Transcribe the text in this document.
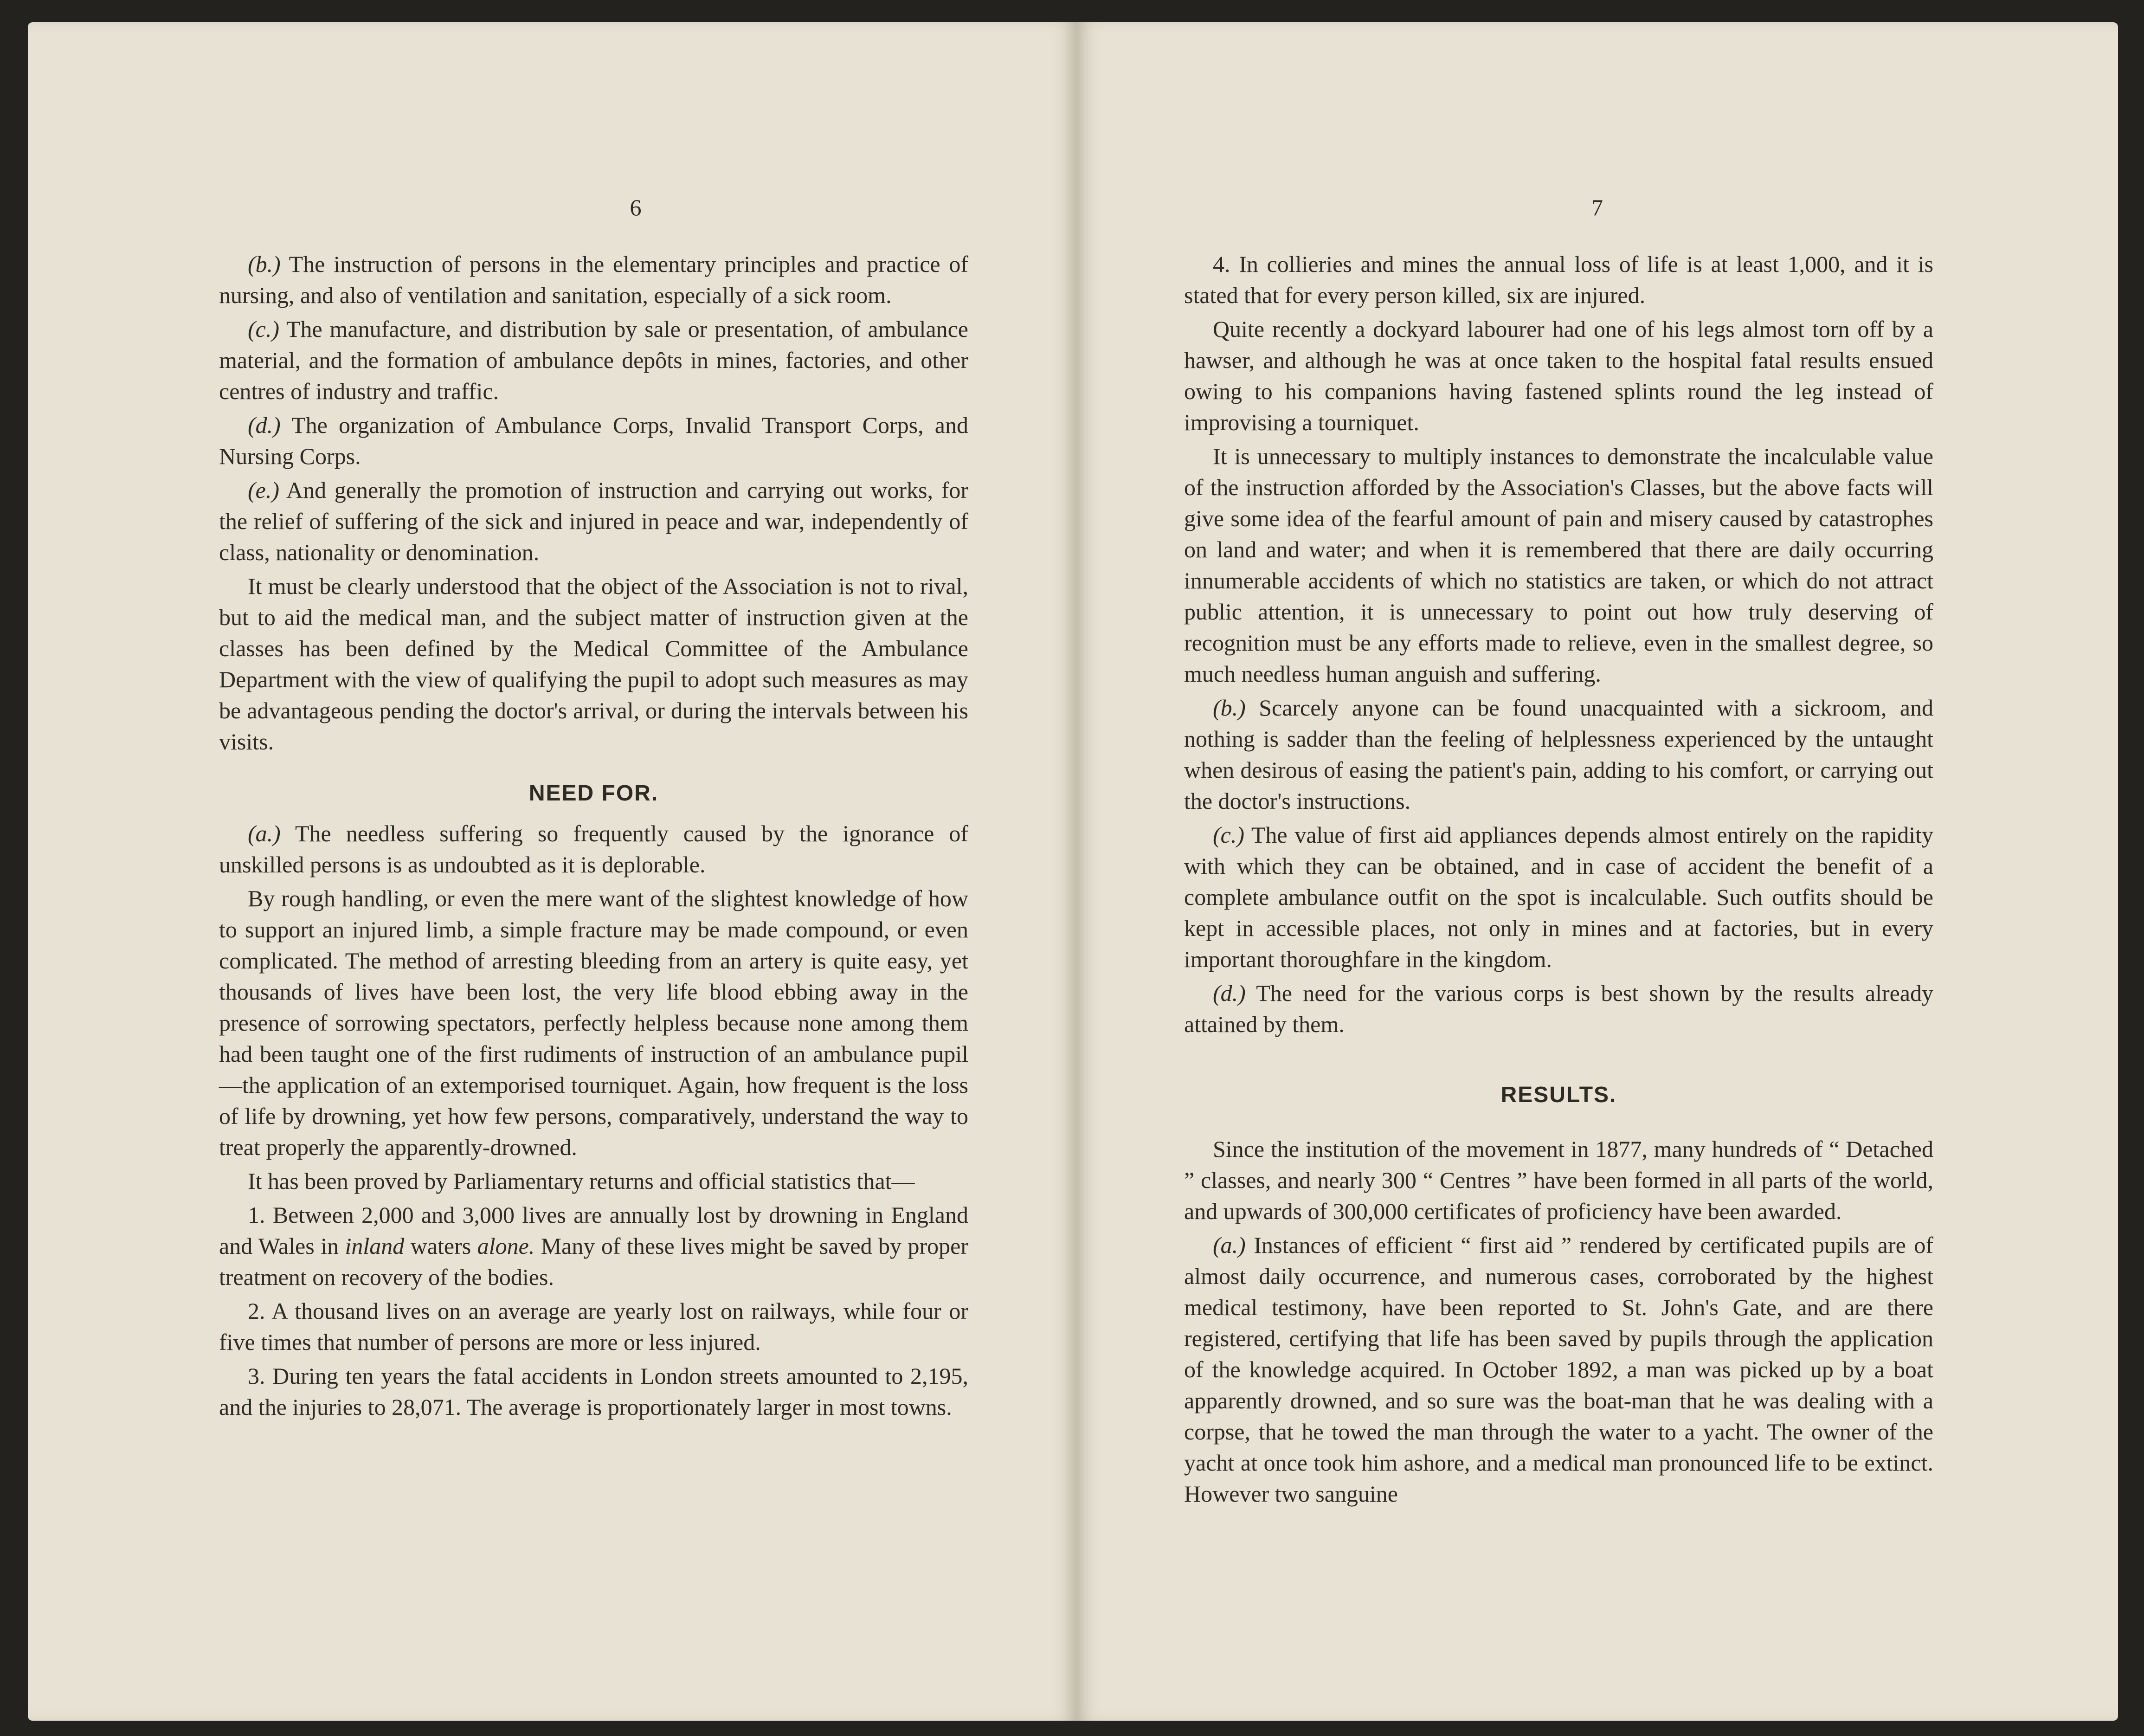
6

(b.) The instruction of persons in the elementary principles and practice of nursing, and also of ventilation and sanitation, especially of a sick room.

(c.) The manufacture, and distribution by sale or presentation, of ambulance material, and the formation of ambulance depôts in mines, factories, and other centres of industry and traffic.

(d.) The organization of Ambulance Corps, Invalid Transport Corps, and Nursing Corps.

(e.) And generally the promotion of instruction and carrying out works, for the relief of suffering of the sick and injured in peace and war, independently of class, nationality or denomination.

It must be clearly understood that the object of the Association is not to rival, but to aid the medical man, and the subject matter of instruction given at the classes has been defined by the Medical Committee of the Ambulance Department with the view of qualifying the pupil to adopt such measures as may be advantageous pending the doctor's arrival, or during the intervals between his visits.

NEED FOR.

(a.) The needless suffering so frequently caused by the ignorance of unskilled persons is as undoubted as it is deplorable.

By rough handling, or even the mere want of the slightest knowledge of how to support an injured limb, a simple fracture may be made compound, or even complicated. The method of arresting bleeding from an artery is quite easy, yet thousands of lives have been lost, the very life blood ebbing away in the presence of sorrowing spectators, perfectly helpless because none among them had been taught one of the first rudiments of instruction of an ambulance pupil—the application of an extemporised tourniquet. Again, how frequent is the loss of life by drowning, yet how few persons, comparatively, understand the way to treat properly the apparently-drowned.

It has been proved by Parliamentary returns and official statistics that—

1. Between 2,000 and 3,000 lives are annually lost by drowning in England and Wales in inland waters alone. Many of these lives might be saved by proper treatment on recovery of the bodies.

2. A thousand lives on an average are yearly lost on railways, while four or five times that number of persons are more or less injured.

3. During ten years the fatal accidents in London streets amounted to 2,195, and the injuries to 28,071. The average is proportionately larger in most towns.

7

4. In collieries and mines the annual loss of life is at least 1,000, and it is stated that for every person killed, six are injured.

Quite recently a dockyard labourer had one of his legs almost torn off by a hawser, and although he was at once taken to the hospital fatal results ensued owing to his companions having fastened splints round the leg instead of improvising a tourniquet.

It is unnecessary to multiply instances to demonstrate the incalculable value of the instruction afforded by the Association's Classes, but the above facts will give some idea of the fearful amount of pain and misery caused by catastrophes on land and water; and when it is remembered that there are daily occurring innumerable accidents of which no statistics are taken, or which do not attract public attention, it is unnecessary to point out how truly deserving of recognition must be any efforts made to relieve, even in the smallest degree, so much needless human anguish and suffering.

(b.) Scarcely anyone can be found unacquainted with a sickroom, and nothing is sadder than the feeling of helplessness experienced by the untaught when desirous of easing the patient's pain, adding to his comfort, or carrying out the doctor's instructions.

(c.) The value of first aid appliances depends almost entirely on the rapidity with which they can be obtained, and in case of accident the benefit of a complete ambulance outfit on the spot is incalculable. Such outfits should be kept in accessible places, not only in mines and at factories, but in every important thoroughfare in the kingdom.

(d.) The need for the various corps is best shown by the results already attained by them.

RESULTS.

Since the institution of the movement in 1877, many hundreds of “ Detached ” classes, and nearly 300 “ Centres ” have been formed in all parts of the world, and upwards of 300,000 certificates of proficiency have been awarded.

(a.) Instances of efficient “ first aid ” rendered by certificated pupils are of almost daily occurrence, and numerous cases, corroborated by the highest medical testimony, have been reported to St. John's Gate, and are there registered, certifying that life has been saved by pupils through the application of the knowledge acquired. In October 1892, a man was picked up by a boat apparently drowned, and so sure was the boat-man that he was dealing with a corpse, that he towed the man through the water to a yacht. The owner of the yacht at once took him ashore, and a medical man pronounced life to be extinct. However two sanguine
